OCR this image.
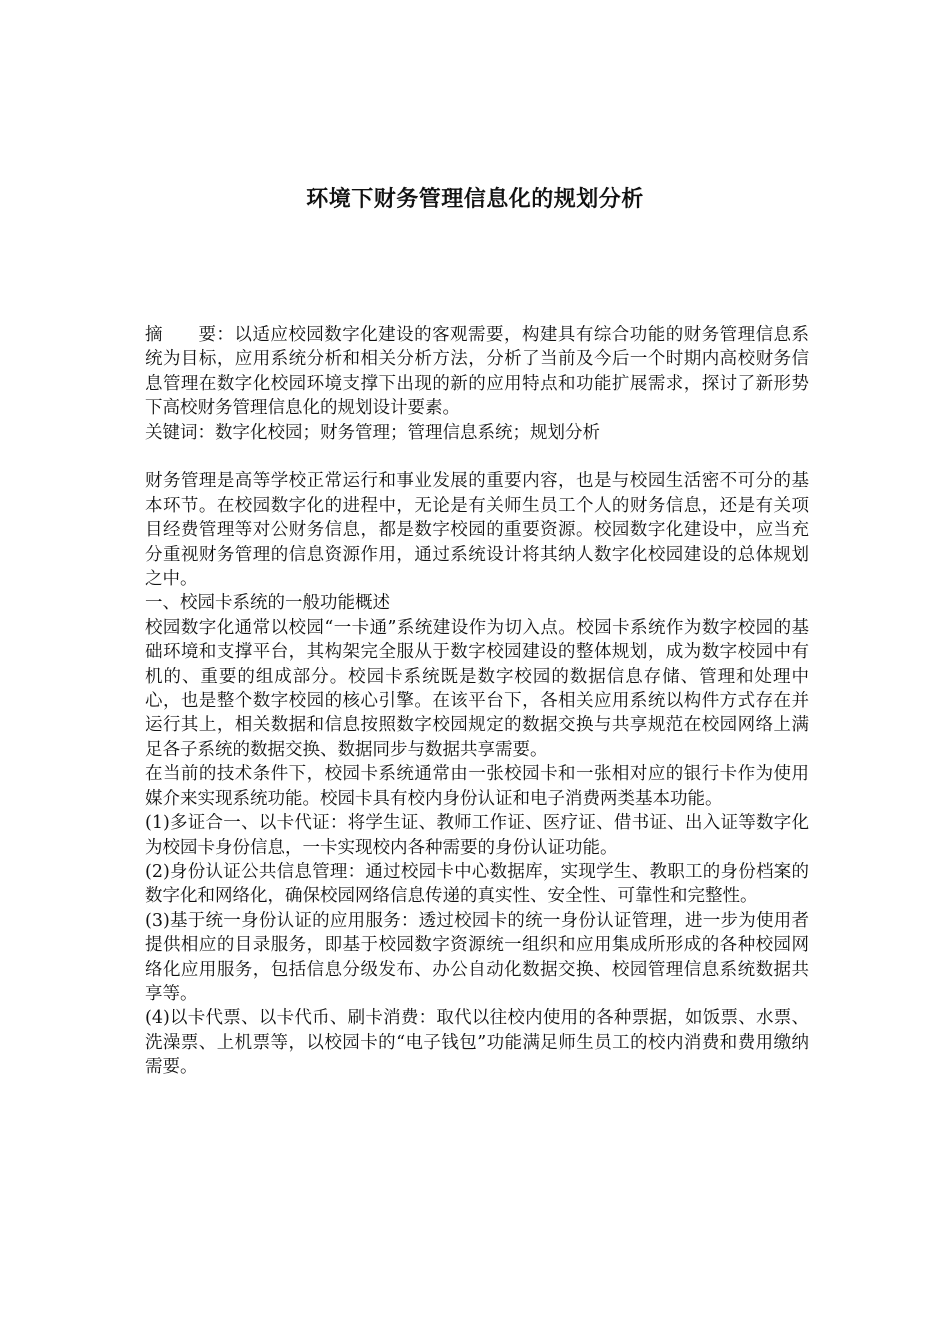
环境下财务管理信息化的规划分析

摘 要：以适应校园数字化建设的客观需要，构建具有综合功能的财务管理信息系统为目标，应用系统分析和相关分析方法，分析了当前及今后一个时期内高校财务信息管理在数字化校园环境支撑下出现的新的应用特点和功能扩展需求，探讨了新形势下高校财务管理信息化的规划设计要素。

关键词：数字化校园；财务管理；管理信息系统；规划分析

财务管理是高等学校正常运行和事业发展的重要内容，也是与校园生活密不可分的基本环节。在校园数字化的进程中，无论是有关师生员工个人的财务信息，还是有关项目经费管理等对公财务信息，都是数字校园的重要资源。校园数字化建设中，应当充分重视财务管理的信息资源作用，通过系统设计将其纳人数字化校园建设的总体规划之中。

一、校园卡系统的一般功能概述

校园数字化通常以校园“一卡通”系统建设作为切入点。校园卡系统作为数字校园的基础环境和支撑平台，其构架完全服从于数字校园建设的整体规划，成为数字校园中有机的、重要的组成部分。校园卡系统既是数字校园的数据信息存储、管理和处理中心，也是整个数字校园的核心引擎。在该平台下，各相关应用系统以构件方式存在并运行其上，相关数据和信息按照数字校园规定的数据交换与共享规范在校园网络上满足各子系统的数据交换、数据同步与数据共享需要。

在当前的技术条件下，校园卡系统通常由一张校园卡和一张相对应的银行卡作为使用媒介来实现系统功能。校园卡具有校内身份认证和电子消费两类基本功能。

(1)多证合一、以卡代证：将学生证、教师工作证、医疗证、借书证、出入证等数字化为校园卡身份信息，一卡实现校内各种需要的身份认证功能。

(2)身份认证公共信息管理：通过校园卡中心数据库，实现学生、教职工的身份档案的数字化和网络化，确保校园网络信息传递的真实性、安全性、可靠性和完整性。

(3)基于统一身份认证的应用服务：透过校园卡的统一身份认证管理，进一步为使用者提供相应的目录服务，即基于校园数字资源统一组织和应用集成所形成的各种校园网络化应用服务，包括信息分级发布、办公自动化数据交换、校园管理信息系统数据共享等。

(4)以卡代票、以卡代币、刷卡消费：取代以往校内使用的各种票据，如饭票、水票、洗澡票、上机票等，以校园卡的“电子钱包”功能满足师生员工的校内消费和费用缴纳需要。
